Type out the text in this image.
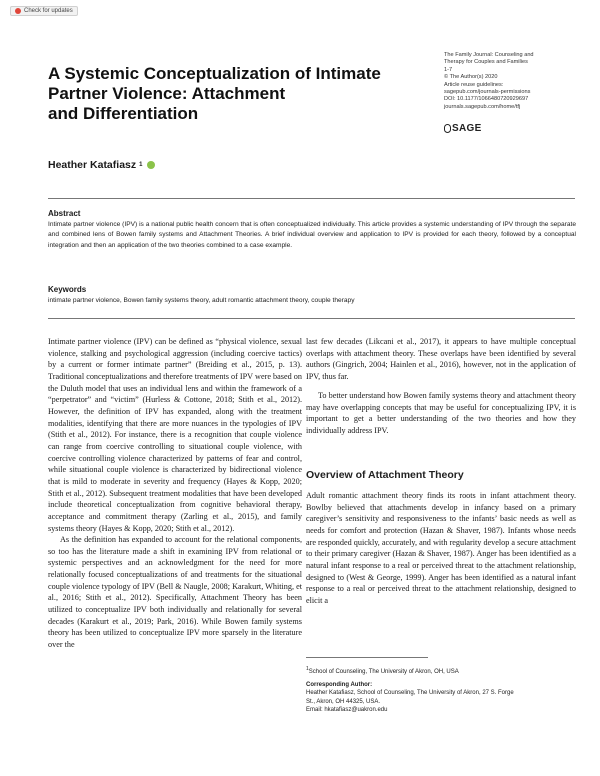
Check for updates
A Systemic Conceptualization of Intimate
Partner Violence: Attachment
and Differentiation
The Family Journal: Counseling and
Therapy for Couples and Families
1-7
© The Author(s) 2020
Article reuse guidelines:
sagepub.com/journals-permissions
DOI: 10.1177/1066480720929697
journals.sagepub.com/home/tfj
SAGE
Heather Katafiasz 1
Abstract
Intimate partner violence (IPV) is a national public health concern that is often conceptualized individually. This article provides a systemic understanding of IPV through the separate and combined lens of Bowen family systems and Attachment Theories. A brief individual overview and application to IPV is provided for each theory, followed by a conceptual integration and then an application of the two theories combined to a case example.
Keywords
intimate partner violence, Bowen family systems theory, adult romantic attachment theory, couple therapy

Intimate partner violence (IPV) can be defined as “physical violence, sexual violence, stalking and psychological aggression (including coercive tactics) by a current or former intimate partner” (Breiding et al., 2015, p. 13). Traditional conceptualizations and therefore treatments of IPV were based on the Duluth model that uses an individual lens and within the framework of a “perpetrator” and “victim” (Hurless & Cottone, 2018; Stith et al., 2012). However, the definition of IPV has expanded, along with the treatment modalities, identifying that there are more nuances in the typologies of IPV (Stith et al., 2012). For instance, there is a recognition that couple violence can range from coercive controlling to situational couple violence, with coercive controlling violence characterized by patterns of fear and control, while situational couple violence is characterized by bidirectional violence that is mild to moderate in severity and frequency (Hayes & Kopp, 2020; Stith et al., 2012). Subsequent treatment modalities that have been developed include theoretical conceptualization from cognitive behavioral therapy, acceptance and commitment therapy (Zarling et al., 2015), and family systems theory (Hayes & Kopp, 2020; Stith et al., 2012).

As the definition has expanded to account for the relational components, so too has the literature made a shift in examining IPV from relational or systemic perspectives and an acknowledgment for the need for more relationally focused conceptualizations of and treatments for the situational couple violence typology of IPV (Bell & Naugle, 2008; Karakurt, Whiting, et al., 2016; Stith et al., 2012). Specifically, Attachment Theory has been utilized to conceptualize IPV both individually and relationally for several decades (Karakurt et al., 2019; Park, 2016). While Bowen family systems theory has been utilized to conceptualize IPV more sparsely in the literature over the

last few decades (Likcani et al., 2017), it appears to have multiple conceptual overlaps with attachment theory. These overlaps have been identified by several authors (Gingrich, 2004; Hainlen et al., 2016), however, not in the application of IPV, thus far.

To better understand how Bowen family systems theory and attachment theory may have overlapping concepts that may be useful for conceptualizing IPV, it is important to get a better understanding of the two theories and how they individually address IPV.

Overview of Attachment Theory

Adult romantic attachment theory finds its roots in infant attachment theory. Bowlby believed that attachments develop in infancy based on a primary caregiver’s sensitivity and responsiveness to the infants’ basic needs as well as needs for comfort and protection (Hazan & Shaver, 1987). Infants whose needs are responded quickly, accurately, and with regularity develop a secure attachment to their primary caregiver (Hazan & Shaver, 1987). Anger has been identified as a natural infant response to a real or perceived threat to the attachment relationship, designed to (West & George, 1999). Anger has been identified as a natural infant response to a real or perceived threat to the attachment relationship, designed to elicit a

$^1$School of Counseling, The University of Akron, OH, USA
Corresponding Author:
Heather Katafiasz, School of Counseling, The University of Akron, 27 S. Forge
St., Akron, OH 44325, USA.
Email: hkatafiasz@uakron.edu
